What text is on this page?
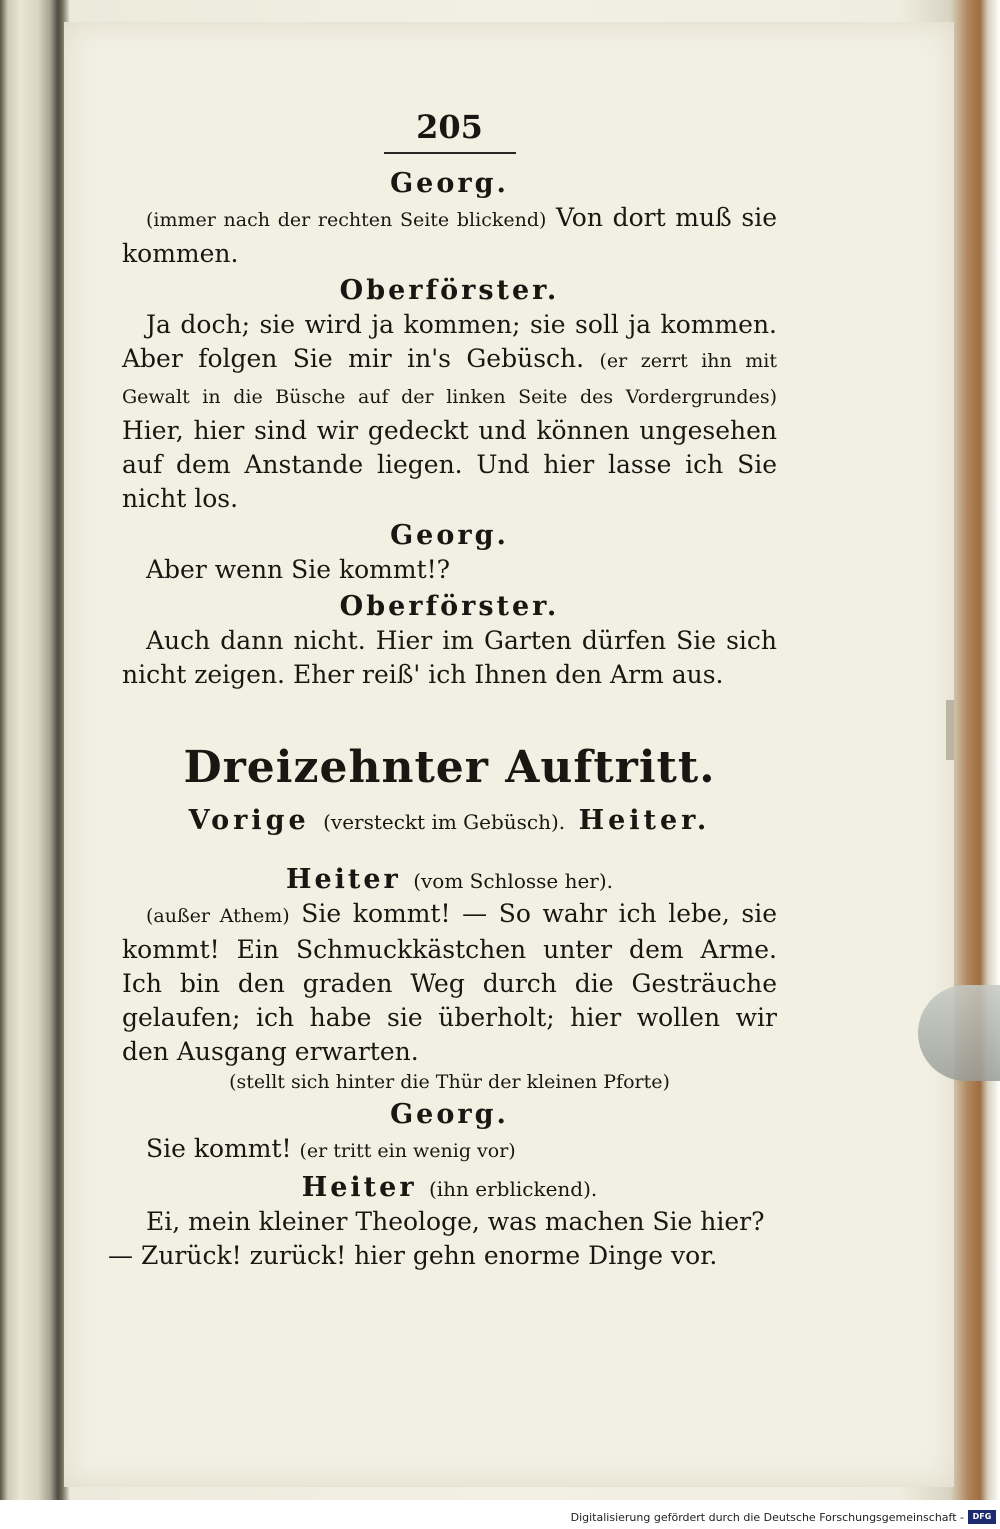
205
Georg.

(immer nach der rechten Seite blickend) Von dort muß sie kommen.

Oberförster.

Ja doch; sie wird ja kommen; sie soll ja kommen. Aber folgen Sie mir in's Gebüsch. (er zerrt ihn mit Gewalt in die Büsche auf der linken Seite des Vordergrundes) Hier, hier sind wir gedeckt und können ungesehen auf dem Anstande liegen. Und hier lasse ich Sie nicht los.

Georg.

Aber wenn Sie kommt!?

Oberförster.

Auch dann nicht. Hier im Garten dürfen Sie sich nicht zeigen. Eher reiß' ich Ihnen den Arm aus.

Dreizehnter Auftritt.
Vorige (versteckt im Gebüsch). Heiter.
Heiter (vom Schlosse her).

(außer Athem) Sie kommt! — So wahr ich lebe, sie kommt! Ein Schmuckkästchen unter dem Arme. Ich bin den graden Weg durch die Gesträuche gelaufen; ich habe sie überholt; hier wollen wir den Ausgang erwarten.

(stellt sich hinter die Thür der kleinen Pforte)
Georg.

Sie kommt! (er tritt ein wenig vor)

Heiter (ihn erblickend).

Ei, mein kleiner Theologe, was machen Sie hier?

— Zurück! zurück! hier gehn enorme Dinge vor.

Digitalisierung gefördert durch die Deutsche Forschungsgemeinschaft -	DFG
